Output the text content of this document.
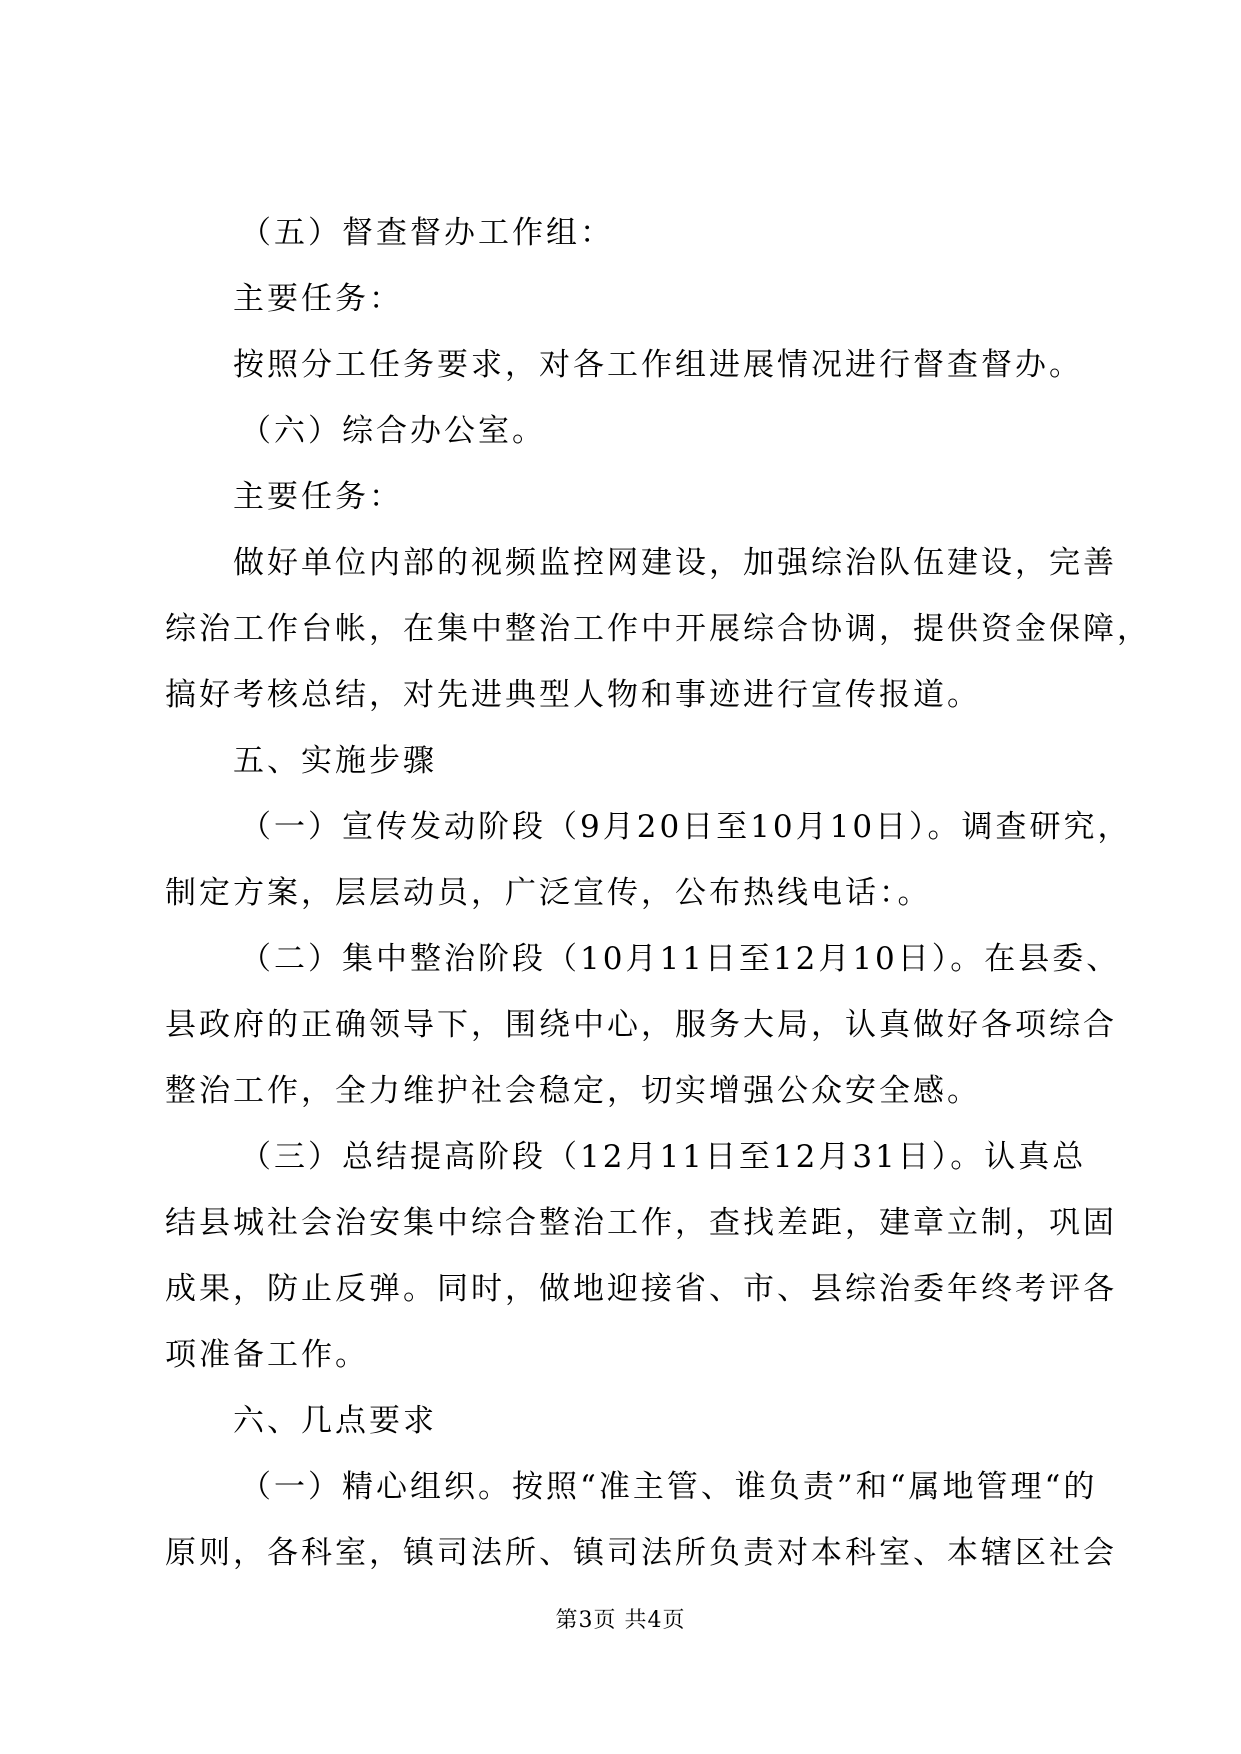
（五）督查督办工作组：
主要任务：
按照分工任务要求，对各工作组进展情况进行督查督办。
（六）综合办公室。
主要任务：
做好单位内部的视频监控网建设，加强综治队伍建设，完善
综治工作台帐，在集中整治工作中开展综合协调，提供资金保障，
搞好考核总结，对先进典型人物和事迹进行宣传报道。
五、实施步骤
（一）宣传发动阶段（9月20日至10月10日）。调查研究，
制定方案，层层动员，广泛宣传，公布热线电话：。
（二）集中整治阶段（10月11日至12月10日）。在县委、
县政府的正确领导下，围绕中心，服务大局，认真做好各项综合
整治工作，全力维护社会稳定，切实增强公众安全感。
（三）总结提高阶段（12月11日至12月31日）。认真总
结县城社会治安集中综合整治工作，查找差距，建章立制，巩固
成果，防止反弹。同时，做地迎接省、市、县综治委年终考评各
项准备工作。
六、几点要求
（一）精心组织。按照“准主管、谁负责”和“属地管理“的
原则，各科室，镇司法所、镇司法所负责对本科室、本辖区社会
第3页 共4页
